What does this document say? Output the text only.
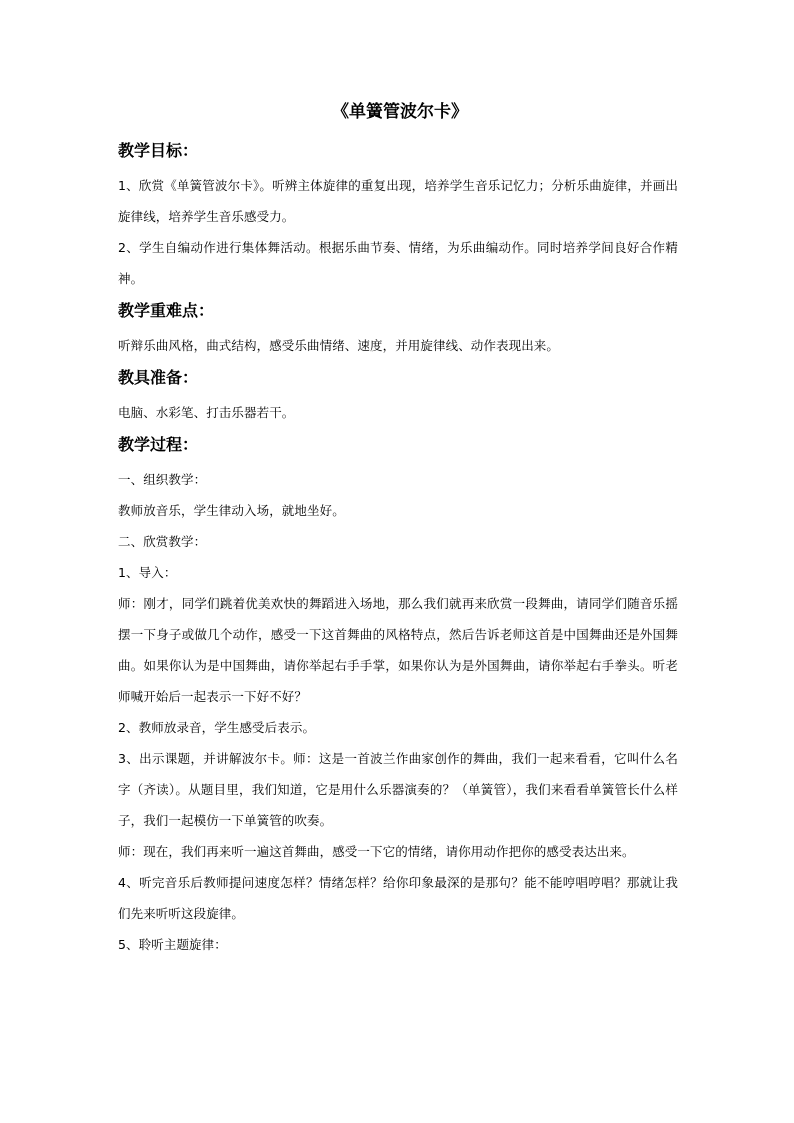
《单簧管波尔卡》
教学目标：

1、欣赏《单簧管波尔卡》。听辨主体旋律的重复出现，培养学生音乐记忆力；分析乐曲旋律，并画出旋律线，培养学生音乐感受力。

2、学生自编动作进行集体舞活动。根据乐曲节奏、情绪，为乐曲编动作。同时培养学间良好合作精神。

教学重难点：

听辩乐曲风格，曲式结构，感受乐曲情绪、速度，并用旋律线、动作表现出来。

教具准备：

电脑、水彩笔、打击乐器若干。

教学过程：

一、组织教学：

教师放音乐，学生律动入场，就地坐好。

二、欣赏教学：

1、导入：

师：刚才，同学们跳着优美欢快的舞蹈进入场地，那么我们就再来欣赏一段舞曲，请同学们随音乐摇摆一下身子或做几个动作，感受一下这首舞曲的风格特点，然后告诉老师这首是中国舞曲还是外国舞曲。如果你认为是中国舞曲，请你举起右手手掌，如果你认为是外国舞曲，请你举起右手拳头。听老师喊开始后一起表示一下好不好？

2、教师放录音，学生感受后表示。

3、出示课题，并讲解波尔卡。师：这是一首波兰作曲家创作的舞曲，我们一起来看看，它叫什么名字（齐读）。从题目里，我们知道，它是用什么乐器演奏的？（单簧管），我们来看看单簧管长什么样子，我们一起模仿一下单簧管的吹奏。

师：现在，我们再来听一遍这首舞曲，感受一下它的情绪，请你用动作把你的感受表达出来。

4、听完音乐后教师提问速度怎样？情绪怎样？给你印象最深的是那句？能不能哼唱哼唱？那就让我们先来听听这段旋律。

5、聆听主题旋律：
